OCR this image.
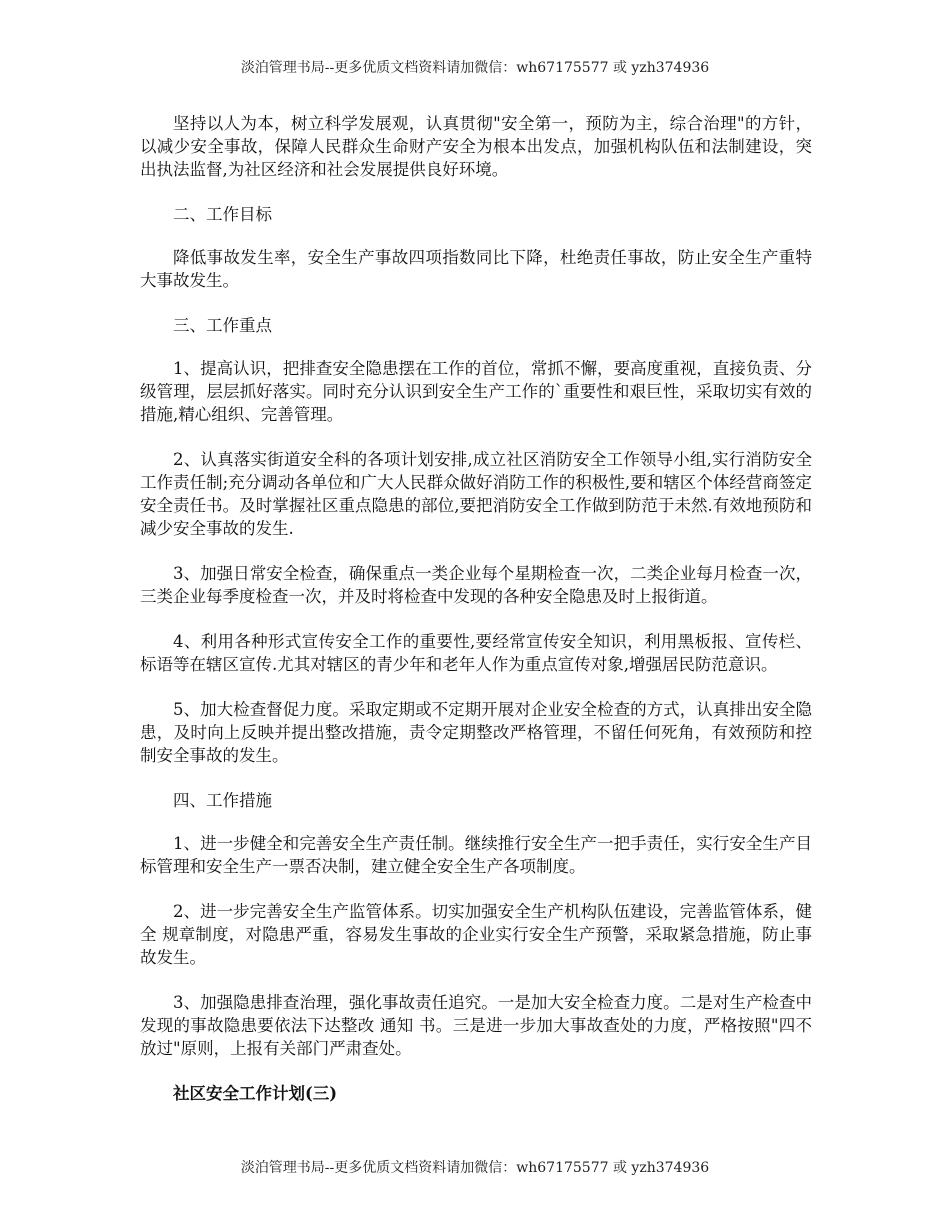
淡泊管理书局--更多优质文档资料请加微信：wh67175577 或 yzh374936

坚持以人为本，树立科学发展观，认真贯彻"安全第一，预防为主，综合治理"的方针，以减少安全事故，保障人民群众生命财产安全为根本出发点，加强机构队伍和法制建设，突出执法监督,为社区经济和社会发展提供良好环境。

二、工作目标

降低事故发生率，安全生产事故四项指数同比下降，杜绝责任事故，防止安全生产重特大事故发生。

三、工作重点

1、提高认识，把排查安全隐患摆在工作的首位，常抓不懈，要高度重视，直接负责、分级管理，层层抓好落实。同时充分认识到安全生产工作的`重要性和艰巨性，采取切实有效的措施,精心组织、完善管理。

2、认真落实街道安全科的各项计划安排,成立社区消防安全工作领导小组,实行消防安全工作责任制;充分调动各单位和广大人民群众做好消防工作的积极性,要和辖区个体经营商签定安全责任书。及时掌握社区重点隐患的部位,要把消防安全工作做到防范于未然.有效地预防和减少安全事故的发生.

3、加强日常安全检查，确保重点一类企业每个星期检查一次，二类企业每月检查一次，三类企业每季度检查一次，并及时将检查中发现的各种安全隐患及时上报街道。

4、利用各种形式宣传安全工作的重要性,要经常宣传安全知识，利用黑板报、宣传栏、标语等在辖区宣传.尤其对辖区的青少年和老年人作为重点宣传对象,增强居民防范意识。

5、加大检查督促力度。采取定期或不定期开展对企业安全检查的方式，认真排出安全隐患，及时向上反映并提出整改措施，责令定期整改严格管理，不留任何死角，有效预防和控制安全事故的发生。

四、工作措施

1、进一步健全和完善安全生产责任制。继续推行安全生产一把手责任，实行安全生产目标管理和安全生产一票否决制，建立健全安全生产各项制度。

2、进一步完善安全生产监管体系。切实加强安全生产机构队伍建设，完善监管体系，健全 规章制度，对隐患严重，容易发生事故的企业实行安全生产预警，采取紧急措施，防止事故发生。

3、加强隐患排查治理，强化事故责任追究。一是加大安全检查力度。二是对生产检查中发现的事故隐患要依法下达整改 通知 书。三是进一步加大事故查处的力度，严格按照"四不放过"原则，上报有关部门严肃查处。

社区安全工作计划(三)

淡泊管理书局--更多优质文档资料请加微信：wh67175577 或 yzh374936
